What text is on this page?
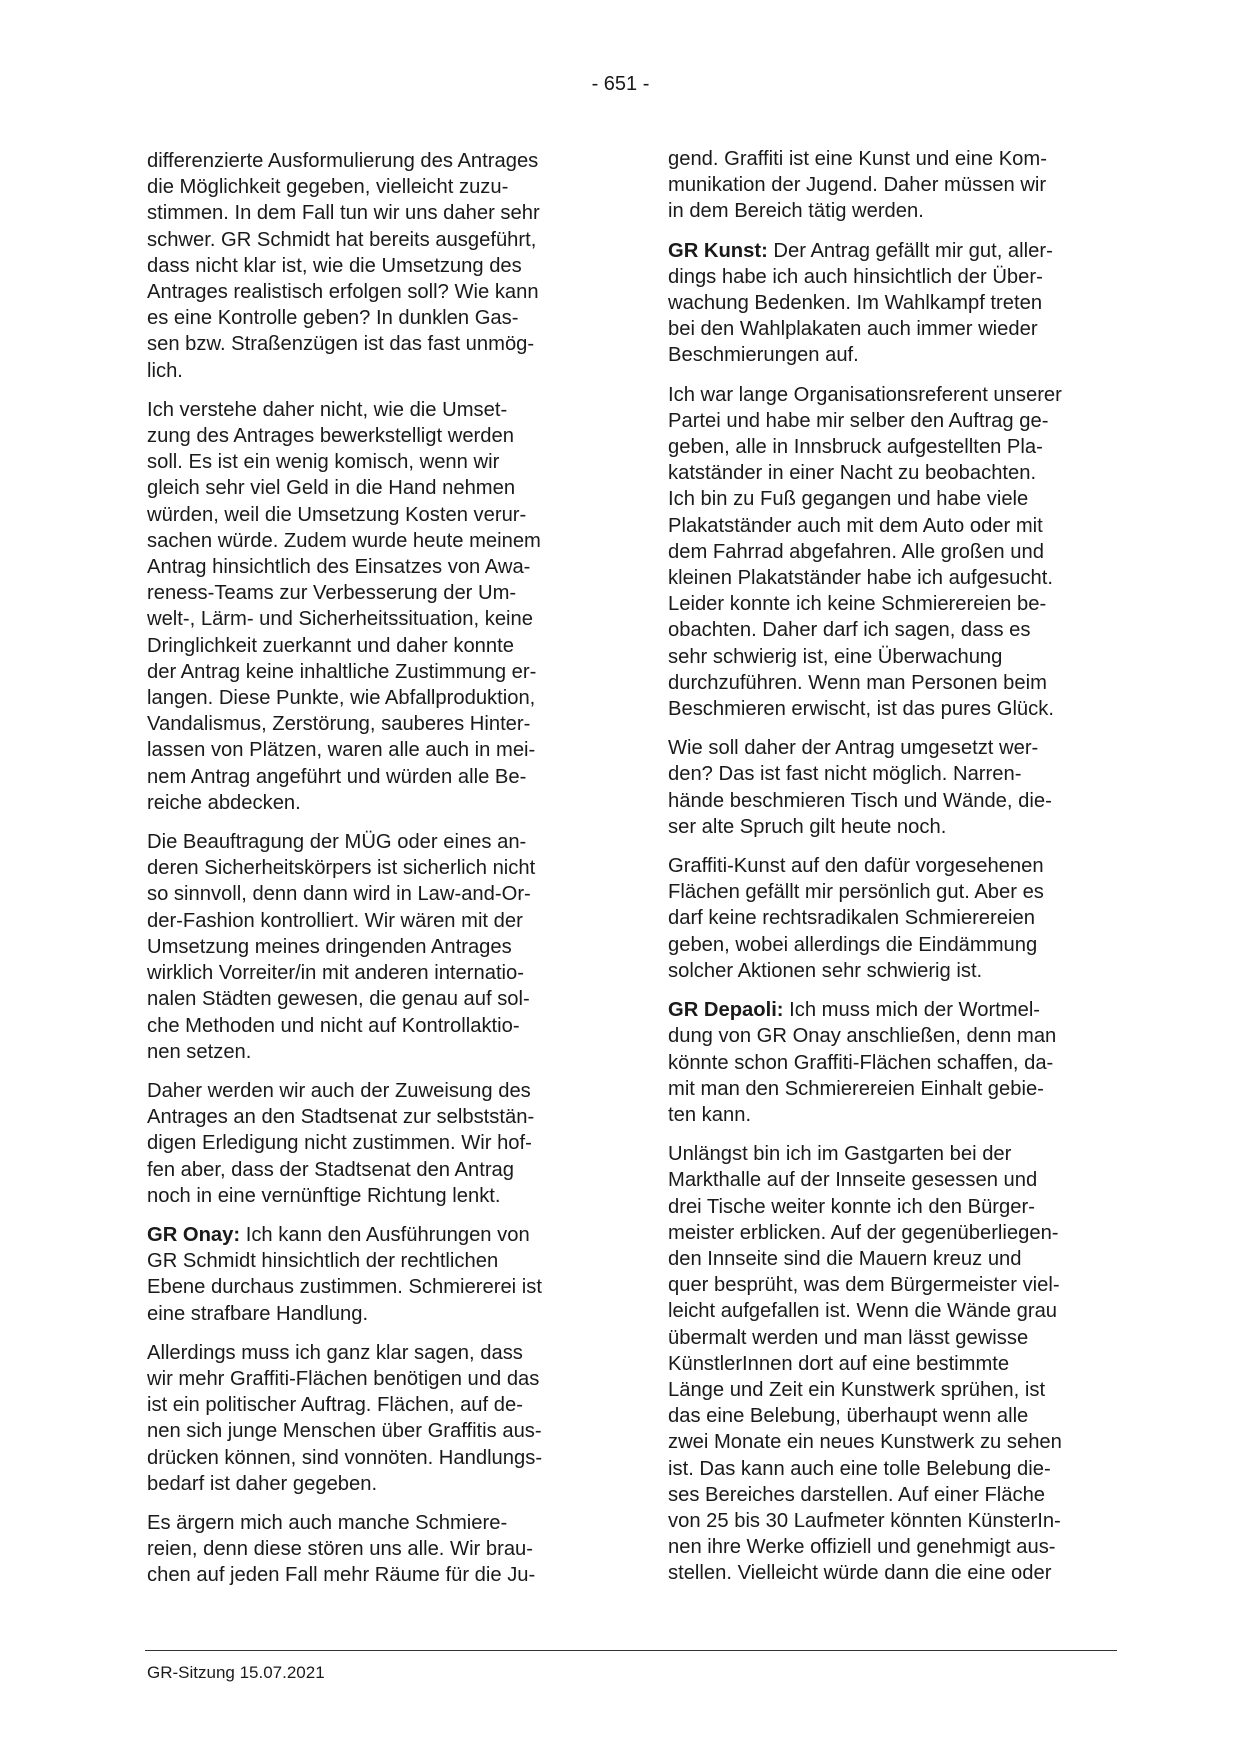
- 651 -

differenzierte Ausformulierung des Antrages
die Möglichkeit gegeben, vielleicht zuzu-
stimmen. In dem Fall tun wir uns daher sehr
schwer. GR Schmidt hat bereits ausgeführt,
dass nicht klar ist, wie die Umsetzung des
Antrages realistisch erfolgen soll? Wie kann
es eine Kontrolle geben? In dunklen Gas-
sen bzw. Straßenzügen ist das fast unmög-
lich.

Ich verstehe daher nicht, wie die Umset-
zung des Antrages bewerkstelligt werden
soll. Es ist ein wenig komisch, wenn wir
gleich sehr viel Geld in die Hand nehmen
würden, weil die Umsetzung Kosten verur-
sachen würde. Zudem wurde heute meinem
Antrag hinsichtlich des Einsatzes von Awa-
reness-Teams zur Verbesserung der Um-
welt-, Lärm- und Sicherheitssituation, keine
Dringlichkeit zuerkannt und daher konnte
der Antrag keine inhaltliche Zustimmung er-
langen. Diese Punkte, wie Abfallproduktion,
Vandalismus, Zerstörung, sauberes Hinter-
lassen von Plätzen, waren alle auch in mei-
nem Antrag angeführt und würden alle Be-
reiche abdecken.

Die Beauftragung der MÜG oder eines an-
deren Sicherheitskörpers ist sicherlich nicht
so sinnvoll, denn dann wird in Law-and-Or-
der-Fashion kontrolliert. Wir wären mit der
Umsetzung meines dringenden Antrages
wirklich Vorreiter/in mit anderen internatio-
nalen Städten gewesen, die genau auf sol-
che Methoden und nicht auf Kontrollaktio-
nen setzen.

Daher werden wir auch der Zuweisung des
Antrages an den Stadtsenat zur selbststän-
digen Erledigung nicht zustimmen. Wir hof-
fen aber, dass der Stadtsenat den Antrag
noch in eine vernünftige Richtung lenkt.

GR Onay: Ich kann den Ausführungen von
GR Schmidt hinsichtlich der rechtlichen
Ebene durchaus zustimmen. Schmiererei ist
eine strafbare Handlung.

Allerdings muss ich ganz klar sagen, dass
wir mehr Graffiti-Flächen benötigen und das
ist ein politischer Auftrag. Flächen, auf de-
nen sich junge Menschen über Graffitis aus-
drücken können, sind vonnöten. Handlungs-
bedarf ist daher gegeben.

Es ärgern mich auch manche Schmiere-
reien, denn diese stören uns alle. Wir brau-
chen auf jeden Fall mehr Räume für die Ju-

gend. Graffiti ist eine Kunst und eine Kom-
munikation der Jugend. Daher müssen wir
in dem Bereich tätig werden.

GR Kunst: Der Antrag gefällt mir gut, aller-
dings habe ich auch hinsichtlich der Über-
wachung Bedenken. Im Wahlkampf treten
bei den Wahlplakaten auch immer wieder
Beschmierungen auf.

Ich war lange Organisationsreferent unserer
Partei und habe mir selber den Auftrag ge-
geben, alle in Innsbruck aufgestellten Pla-
katständer in einer Nacht zu beobachten.
Ich bin zu Fuß gegangen und habe viele
Plakatständer auch mit dem Auto oder mit
dem Fahrrad abgefahren. Alle großen und
kleinen Plakatständer habe ich aufgesucht.
Leider konnte ich keine Schmierereien be-
obachten. Daher darf ich sagen, dass es
sehr schwierig ist, eine Überwachung
durchzuführen. Wenn man Personen beim
Beschmieren erwischt, ist das pures Glück.

Wie soll daher der Antrag umgesetzt wer-
den? Das ist fast nicht möglich. Narren-
hände beschmieren Tisch und Wände, die-
ser alte Spruch gilt heute noch.

Graffiti-Kunst auf den dafür vorgesehenen
Flächen gefällt mir persönlich gut. Aber es
darf keine rechtsradikalen Schmierereien
geben, wobei allerdings die Eindämmung
solcher Aktionen sehr schwierig ist.

GR Depaoli: Ich muss mich der Wortmel-
dung von GR Onay anschließen, denn man
könnte schon Graffiti-Flächen schaffen, da-
mit man den Schmierereien Einhalt gebie-
ten kann.

Unlängst bin ich im Gastgarten bei der
Markthalle auf der Innseite gesessen und
drei Tische weiter konnte ich den Bürger-
meister erblicken. Auf der gegenüberliegen-
den Innseite sind die Mauern kreuz und
quer besprüht, was dem Bürgermeister viel-
leicht aufgefallen ist. Wenn die Wände grau
übermalt werden und man lässt gewisse
KünstlerInnen dort auf eine bestimmte
Länge und Zeit ein Kunstwerk sprühen, ist
das eine Belebung, überhaupt wenn alle
zwei Monate ein neues Kunstwerk zu sehen
ist. Das kann auch eine tolle Belebung die-
ses Bereiches darstellen. Auf einer Fläche
von 25 bis 30 Laufmeter könnten KünsterIn-
nen ihre Werke offiziell und genehmigt aus-
stellen. Vielleicht würde dann die eine oder

GR-Sitzung 15.07.2021
